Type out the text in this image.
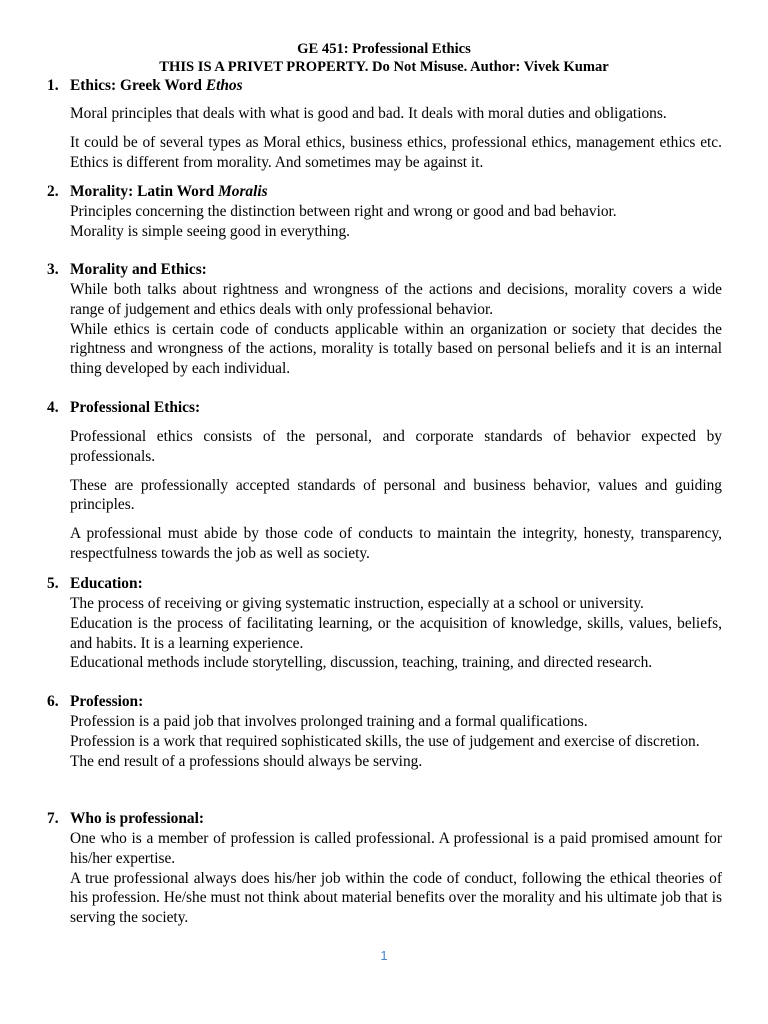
GE 451: Professional Ethics
THIS IS A PRIVET PROPERTY. Do Not Misuse. Author: Vivek Kumar
1. Ethics: Greek Word Ethos

Moral principles that deals with what is good and bad. It deals with moral duties and obligations.

It could be of several types as Moral ethics, business ethics, professional ethics, management ethics etc. Ethics is different from morality. And sometimes may be against it.

2. Morality: Latin Word Moralis

Principles concerning the distinction between right and wrong or good and bad behavior.

Morality is simple seeing good in everything.

3. Morality and Ethics:

While both talks about rightness and wrongness of the actions and decisions, morality covers a wide range of judgement and ethics deals with only professional behavior.

While ethics is certain code of conducts applicable within an organization or society that decides the rightness and wrongness of the actions, morality is totally based on personal beliefs and it is an internal thing developed by each individual.

4. Professional Ethics:

Professional ethics consists of the personal, and corporate standards of behavior expected by professionals.

These are professionally accepted standards of personal and business behavior, values and guiding principles.

A professional must abide by those code of conducts to maintain the integrity, honesty, transparency, respectfulness towards the job as well as society.

5. Education:

The process of receiving or giving systematic instruction, especially at a school or university.

Education is the process of facilitating learning, or the acquisition of knowledge, skills, values, beliefs, and habits. It is a learning experience.

Educational methods include storytelling, discussion, teaching, training, and directed research.

6. Profession:

Profession is a paid job that involves prolonged training and a formal qualifications.

Profession is a work that required sophisticated skills, the use of judgement and exercise of discretion.

The end result of a professions should always be serving.

7. Who is professional:

One who is a member of profession is called professional. A professional is a paid promised amount for his/her expertise.

A true professional always does his/her job within the code of conduct, following the ethical theories of his profession. He/she must not think about material benefits over the morality and his ultimate job that is serving the society.

1
